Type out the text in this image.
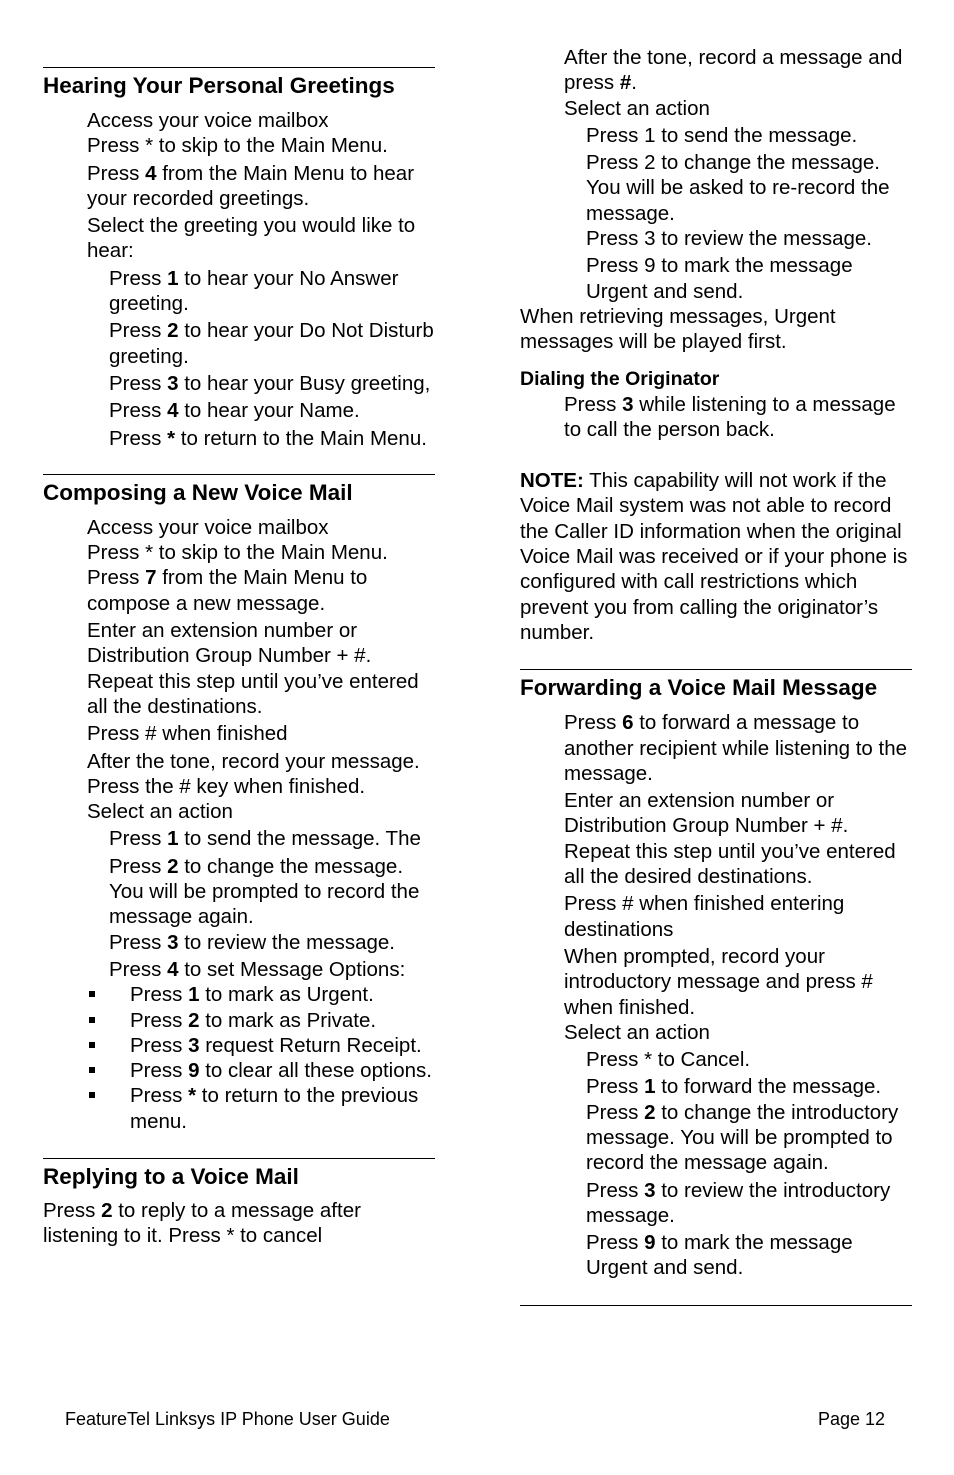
Hearing Your Personal Greetings

Access your voice mailbox

Press * to skip to the Main Menu.

Press 4 from the Main Menu to hear your recorded greetings.

Select the greeting you would like to hear:

Press 1 to hear your No Answer greeting.

Press 2 to hear your Do Not Disturb greeting.

Press 3 to hear your Busy greeting,

Press 4 to hear your Name.

Press * to return to the Main Menu.

Composing a New Voice Mail

Access your voice mailbox

Press * to skip to the Main Menu.

Press 7 from the Main Menu to compose a new message.

Enter an extension number or Distribution Group Number + #. Repeat this step until you’ve entered all the destinations.

Press # when finished

After the tone, record your message. Press the # key when finished.

Select an action

Press 1 to send the message. The

Press 2 to change the message. You will be prompted to record the message again.

Press 3 to review the message.

Press 4 to set Message Options:

Press 1 to mark as Urgent.

Press 2 to mark as Private.

Press 3 request Return Receipt.

Press 9 to clear all these options.

Press * to return to the previous menu.

Replying to a Voice Mail

Press 2 to reply to a message after listening to it. Press * to cancel

After the tone, record a message and press #.

Select an action

Press 1 to send the message.

Press 2 to change the message. You will be asked to re-record the message.

Press 3 to review the message.

Press 9 to mark the message Urgent and send.

When retrieving messages, Urgent messages will be played first.

Dialing the Originator

Press 3 while listening to a message to call the person back.

NOTE: This capability will not work if the Voice Mail system was not able to record the Caller ID information when the original Voice Mail was received or if your phone is configured with call restrictions which prevent you from calling the originator’s number.

Forwarding a Voice Mail Message

Press 6 to forward a message to another recipient while listening to the message.

Enter an extension number or Distribution Group Number + #. Repeat this step until you’ve entered all the desired destinations.

Press # when finished entering destinations

When prompted, record your introductory message and press # when finished.

Select an action

Press * to Cancel.

Press 1 to forward the message.

Press 2 to change the introductory message. You will be prompted to record the message again.

Press 3 to review the introductory message.

Press 9 to mark the message Urgent and send.

FeatureTel Linksys IP Phone User Guide	Page 12
